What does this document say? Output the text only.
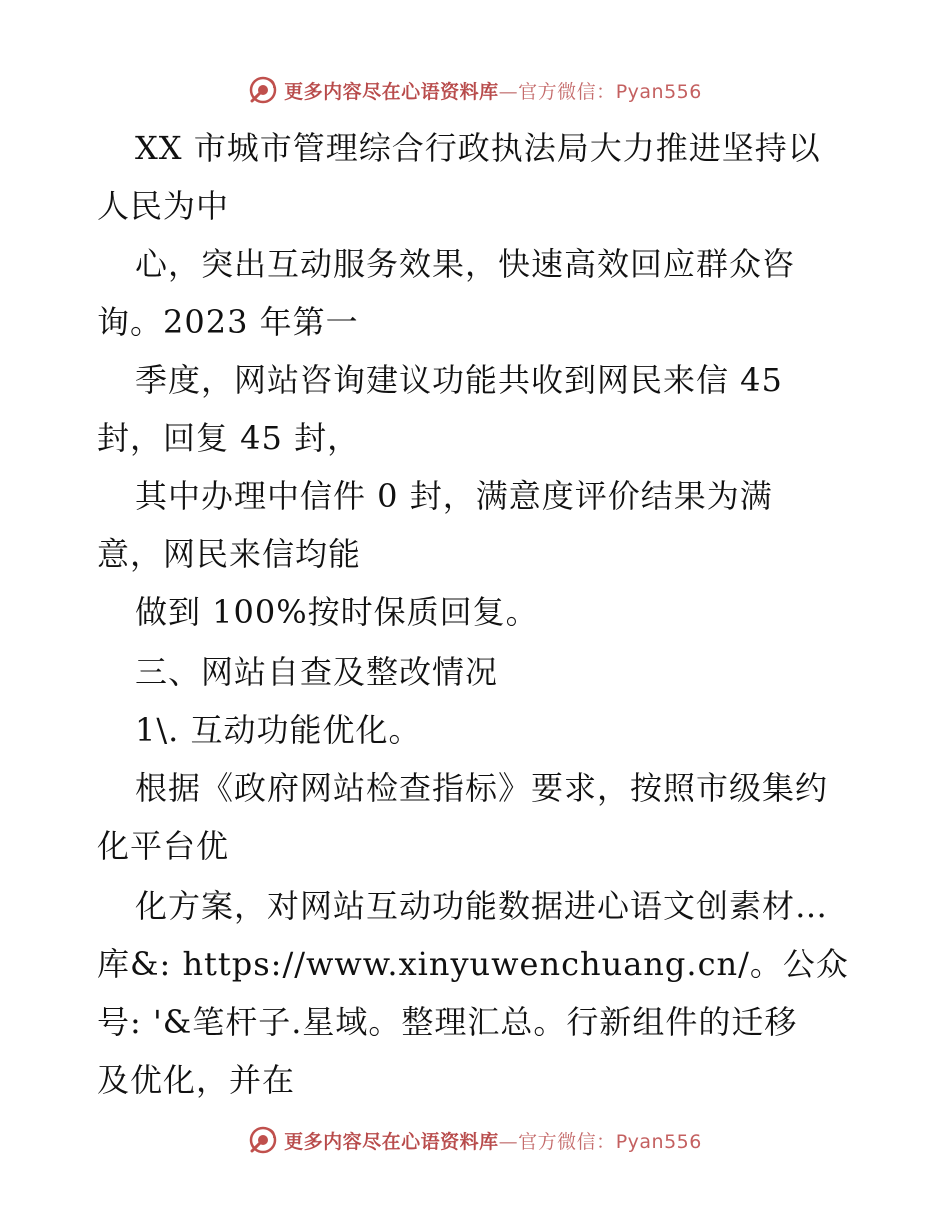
更多内容尽在心语资料库—官方微信：Pyan556
XX 市城市管理综合行政执法局大力推进坚持以
人民为中
心，突出互动服务效果，快速高效回应群众咨
询。2023 年第一
季度，网站咨询建议功能共收到网民来信 45
封，回复 45 封，
其中办理中信件 0 封，满意度评价结果为满
意，网民来信均能
做到 100%按时保质回复。
三、网站自查及整改情况
1\. 互动功能优化。
根据《政府网站检查指标》要求，按照市级集约
化平台优
化方案，对网站互动功能数据进心语文创素材…
库&: https://www.xinyuwenchuang.cn/。公众
号: '&笔杆子.星域。整理汇总。行新组件的迁移
及优化，并在
更多内容尽在心语资料库—官方微信：Pyan556
